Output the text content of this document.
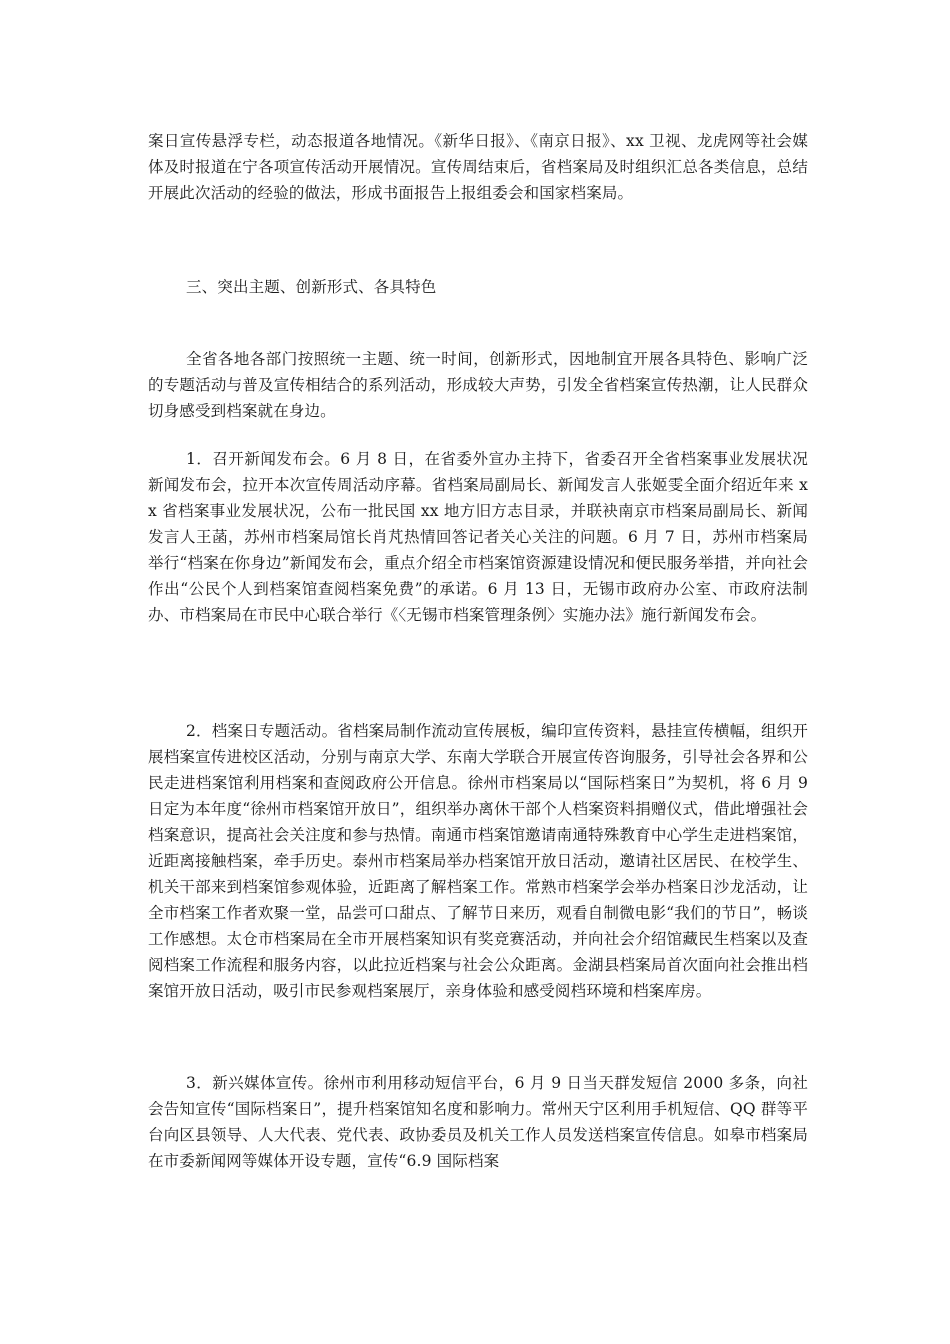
案日宣传悬浮专栏，动态报道各地情况。《新华日报》、《南京日报》、xx 卫视、龙虎网等社会媒体及时报道在宁各项宣传活动开展情况。宣传周结束后，省档案局及时组织汇总各类信息，总结开展此次活动的经验的做法，形成书面报告上报组委会和国家档案局。

三、突出主题、创新形式、各具特色

全省各地各部门按照统一主题、统一时间，创新形式，因地制宜开展各具特色、影响广泛的专题活动与普及宣传相结合的系列活动，形成较大声势，引发全省档案宣传热潮，让人民群众切身感受到档案就在身边。

1．召开新闻发布会。6 月 8 日，在省委外宣办主持下，省委召开全省档案事业发展状况新闻发布会，拉开本次宣传周活动序幕。省档案局副局长、新闻发言人张姬雯全面介绍近年来 xx 省档案事业发展状况，公布一批民国 xx 地方旧方志目录，并联袂南京市档案局副局长、新闻发言人王菡，苏州市档案局馆长肖芃热情回答记者关心关注的问题。6 月 7 日，苏州市档案局举行“档案在你身边”新闻发布会，重点介绍全市档案馆资源建设情况和便民服务举措，并向社会作出“公民个人到档案馆查阅档案免费”的承诺。6 月 13 日，无锡市政府办公室、市政府法制办、市档案局在市民中心联合举行《〈无锡市档案管理条例〉实施办法》施行新闻发布会。

2．档案日专题活动。省档案局制作流动宣传展板，编印宣传资料，悬挂宣传横幅，组织开展档案宣传进校区活动，分别与南京大学、东南大学联合开展宣传咨询服务，引导社会各界和公民走进档案馆利用档案和查阅政府公开信息。徐州市档案局以“国际档案日”为契机，将 6 月 9 日定为本年度“徐州市档案馆开放日”，组织举办离休干部个人档案资料捐赠仪式，借此增强社会档案意识，提高社会关注度和参与热情。南通市档案馆邀请南通特殊教育中心学生走进档案馆，近距离接触档案，牵手历史。泰州市档案局举办档案馆开放日活动，邀请社区居民、在校学生、机关干部来到档案馆参观体验，近距离了解档案工作。常熟市档案学会举办档案日沙龙活动，让全市档案工作者欢聚一堂，品尝可口甜点、了解节日来历，观看自制微电影“我们的节日”，畅谈工作感想。太仓市档案局在全市开展档案知识有奖竞赛活动，并向社会介绍馆藏民生档案以及查阅档案工作流程和服务内容，以此拉近档案与社会公众距离。金湖县档案局首次面向社会推出档案馆开放日活动，吸引市民参观档案展厅，亲身体验和感受阅档环境和档案库房。

3．新兴媒体宣传。徐州市利用移动短信平台，6 月 9 日当天群发短信 2000 多条，向社会告知宣传“国际档案日”，提升档案馆知名度和影响力。常州天宁区利用手机短信、QQ 群等平台向区县领导、人大代表、党代表、政协委员及机关工作人员发送档案宣传信息。如皋市档案局在市委新闻网等媒体开设专题，宣传“6.9 国际档案
